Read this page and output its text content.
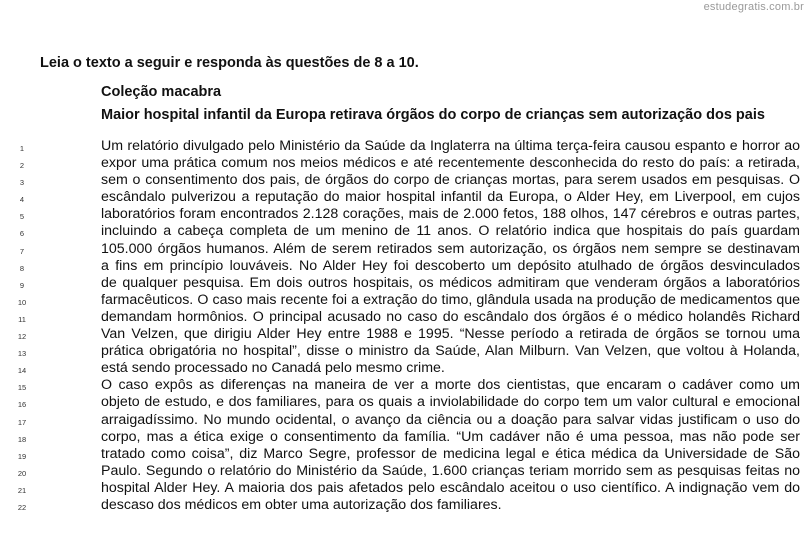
estudegratis.com.br
Leia o texto a seguir e responda às questões de 8 a 10.
Coleção macabra
Maior hospital infantil da Europa retirava órgãos do corpo de crianças sem autorização dos pais
1
2
3
4
5
6
7
8
9
10
11
12
13
14
15
16
17
18
19
20
21
22
Um relatório divulgado pelo Ministério da Saúde da Inglaterra na última terça-feira causou espanto e horror ao
expor uma prática comum nos meios médicos e até recentemente desconhecida do resto do país: a retirada,
sem o consentimento dos pais, de órgãos do corpo de crianças mortas, para serem usados em pesquisas. O
escândalo pulverizou a reputação do maior hospital infantil da Europa, o Alder Hey, em Liverpool, em cujos
laboratórios foram encontrados 2.128 corações, mais de 2.000 fetos, 188 olhos, 147 cérebros e outras partes,
incluindo a cabeça completa de um menino de 11 anos. O relatório indica que hospitais do país guardam
105.000 órgãos humanos. Além de serem retirados sem autorização, os órgãos nem sempre se destinavam
a fins em princípio louváveis. No Alder Hey foi descoberto um depósito atulhado de órgãos desvinculados
de qualquer pesquisa. Em dois outros hospitais, os médicos admitiram que venderam órgãos a laboratórios
farmacêuticos. O caso mais recente foi a extração do timo, glândula usada na produção de medicamentos que
demandam hormônios. O principal acusado no caso do escândalo dos órgãos é o médico holandês Richard
Van Velzen, que dirigiu Alder Hey entre 1988 e 1995. “Nesse período a retirada de órgãos se tornou uma
prática obrigatória no hospital”, disse o ministro da Saúde, Alan Milburn. Van Velzen, que voltou à Holanda,
está sendo processado no Canadá pelo mesmo crime.
O caso expôs as diferenças na maneira de ver a morte dos cientistas, que encaram o cadáver como um
objeto de estudo, e dos familiares, para os quais a inviolabilidade do corpo tem um valor cultural e emocional
arraigadíssimo. No mundo ocidental, o avanço da ciência ou a doação para salvar vidas justificam o uso do
corpo, mas a ética exige o consentimento da família. “Um cadáver não é uma pessoa, mas não pode ser
tratado como coisa”, diz Marco Segre, professor de medicina legal e ética médica da Universidade de São
Paulo. Segundo o relatório do Ministério da Saúde, 1.600 crianças teriam morrido sem as pesquisas feitas no
hospital Alder Hey. A maioria dos pais afetados pelo escândalo aceitou o uso científico. A indignação vem do
descaso dos médicos em obter uma autorização dos familiares.
